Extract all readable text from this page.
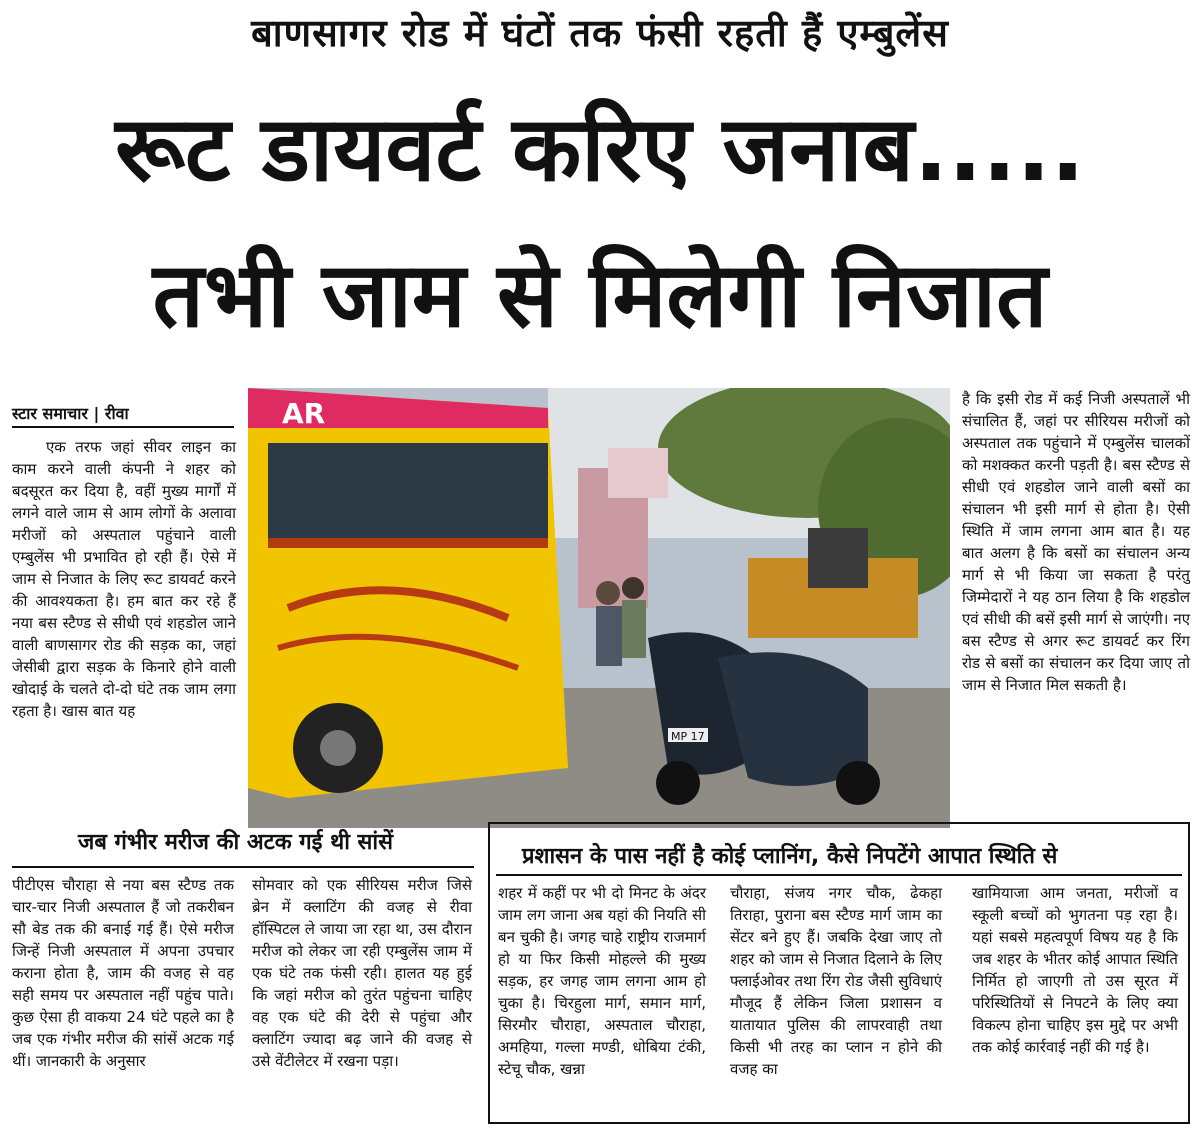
बाणसागर रोड में घंटों तक फंसी रहती हैं एम्बुलेंस
रूट डायवर्ट करिए जनाब.....
तभी जाम से मिलेगी निजात
स्टार समाचार | रीवा

एक तरफ जहां सीवर लाइन का काम करने वाली कंपनी ने शहर को बदसूरत कर दिया है, वहीं मुख्य मार्गों में लगने वाले जाम से आम लोगों के अलावा मरीजों को अस्पताल पहुंचाने वाली एम्बुलेंस भी प्रभावित हो रही हैं। ऐसे में जाम से निजात के लिए रूट डायवर्ट करने की आवश्यकता है। हम बात कर रहे हैं नया बस स्टैण्ड से सीधी एवं शहडोल जाने वाली बाणसागर रोड की सड़क का, जहां जेसीबी द्वारा सड़क के किनारे होने वाली खोदाई के चलते दो-दो घंटे तक जाम लगा रहता है। खास बात यह

AR
MP 17

है कि इसी रोड में कई निजी अस्पतालें भी संचालित हैं, जहां पर सीरियस मरीजों को अस्पताल तक पहुंचाने में एम्बुलेंस चालकों को मशक्कत करनी पड़ती है। बस स्टैण्ड से सीधी एवं शहडोल जाने वाली बसों का संचालन भी इसी मार्ग से होता है। ऐसी स्थिति में जाम लगना आम बात है। यह बात अलग है कि बसों का संचालन अन्य मार्ग से भी किया जा सकता है परंतु जिम्मेदारों ने यह ठान लिया है कि शहडोल एवं सीधी की बसें इसी मार्ग से जाएंगी। नए बस स्टैण्ड से अगर रूट डायवर्ट कर रिंग रोड से बसों का संचालन कर दिया जाए तो जाम से निजात मिल सकती है।

जब गंभीर मरीज की अटक गई थी सांसें

पीटीएस चौराहा से नया बस स्टैण्ड तक चार-चार निजी अस्पताल हैं जो तकरीबन सौ बेड तक की बनाई गई हैं। ऐसे मरीज जिन्हें निजी अस्पताल में अपना उपचार कराना होता है, जाम की वजह से वह सही समय पर अस्पताल नहीं पहुंच पाते। कुछ ऐसा ही वाकया 24 घंटे पहले का है जब एक गंभीर मरीज की सांसें अटक गई थीं। जानकारी के अनुसार

सोमवार को एक सीरियस मरीज जिसे ब्रेन में क्लाटिंग की वजह से रीवा हॉस्पिटल ले जाया जा रहा था, उस दौरान मरीज को लेकर जा रही एम्बुलेंस जाम में एक घंटे तक फंसी रही। हालत यह हुई कि जहां मरीज को तुरंत पहुंचना चाहिए वह एक घंटे की देरी से पहुंचा और क्लाटिंग ज्यादा बढ़ जाने की वजह से उसे वेंटीलेटर में रखना पड़ा।

प्रशासन के पास नहीं है कोई प्लानिंग, कैसे निपटेंगे आपात स्थिति से

शहर में कहीं पर भी दो मिनट के अंदर जाम लग जाना अब यहां की नियति सी बन चुकी है। जगह चाहे राष्ट्रीय राजमार्ग हो या फिर किसी मोहल्ले की मुख्य सड़क, हर जगह जाम लगना आम हो चुका है। चिरहुला मार्ग, समान मार्ग, सिरमौर चौराहा, अस्पताल चौराहा, अमहिया, गल्ला मण्डी, धोबिया टंकी, स्टेचू चौक, खन्ना

चौराहा, संजय नगर चौक, ढेकहा तिराहा, पुराना बस स्टैण्ड मार्ग जाम का सेंटर बने हुए हैं। जबकि देखा जाए तो शहर को जाम से निजात दिलाने के लिए फ्लाईओवर तथा रिंग रोड जैसी सुविधाएं मौजूद हैं लेकिन जिला प्रशासन व यातायात पुलिस की लापरवाही तथा किसी भी तरह का प्लान न होने की वजह का

खामियाजा आम जनता, मरीजों व स्कूली बच्चों को भुगतना पड़ रहा है। यहां सबसे महत्वपूर्ण विषय यह है कि जब शहर के भीतर कोई आपात स्थिति निर्मित हो जाएगी तो उस सूरत में परिस्थितियों से निपटने के लिए क्या विकल्प होना चाहिए इस मुद्दे पर अभी तक कोई कार्रवाई नहीं की गई है।
